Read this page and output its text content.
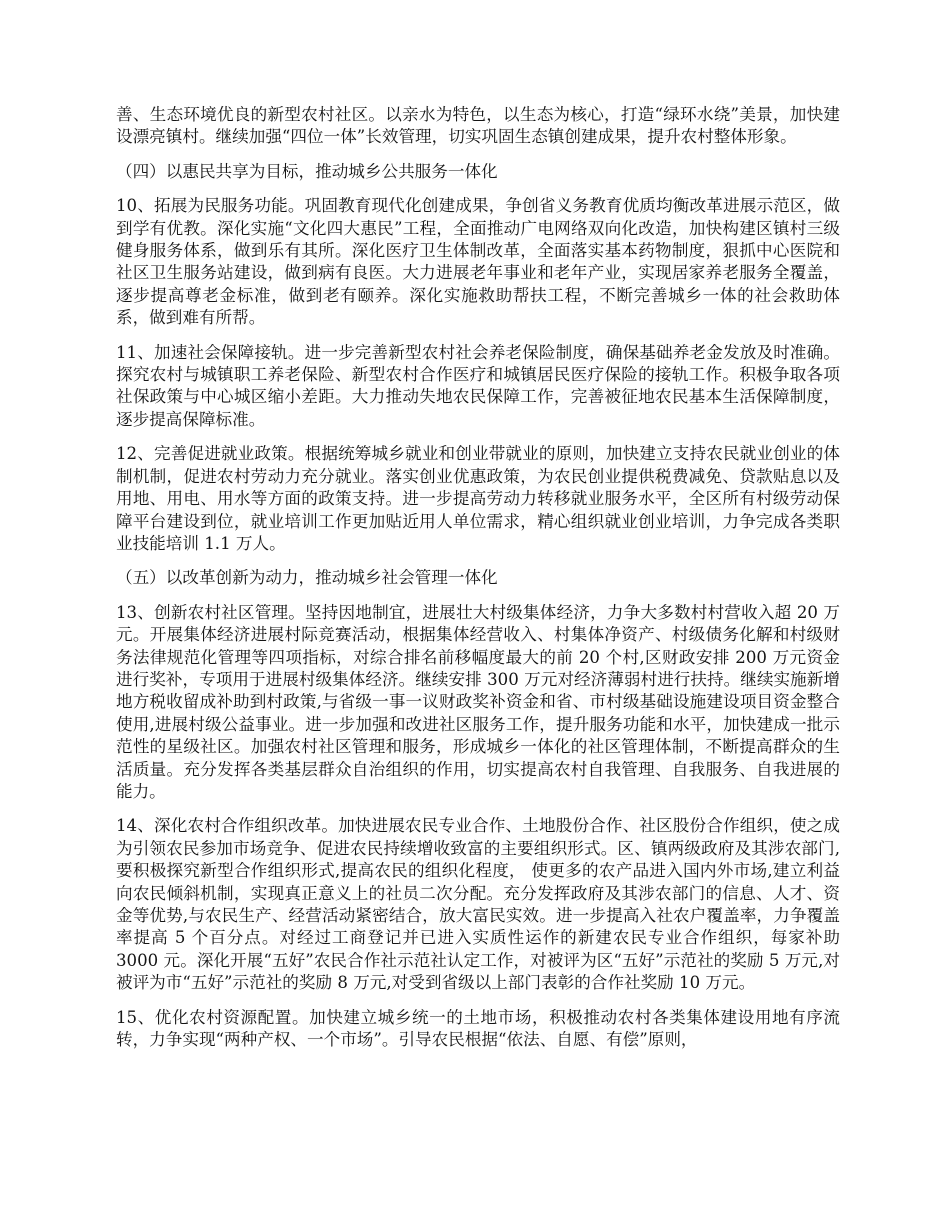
善、生态环境优良的新型农村社区。以亲水为特色，以生态为核心，打造“绿环水绕”美景，加快建设漂亮镇村。继续加强“四位一体”长效管理，切实巩固生态镇创建成果，提升农村整体形象。

（四）以惠民共享为目标，推动城乡公共服务一体化

10、拓展为民服务功能。巩固教育现代化创建成果，争创省义务教育优质均衡改革进展示范区，做到学有优教。深化实施“文化四大惠民”工程，全面推动广电网络双向化改造，加快构建区镇村三级健身服务体系，做到乐有其所。深化医疗卫生体制改革，全面落实基本药物制度，狠抓中心医院和社区卫生服务站建设，做到病有良医。大力进展老年事业和老年产业，实现居家养老服务全覆盖，逐步提高尊老金标准，做到老有颐养。深化实施救助帮扶工程，不断完善城乡一体的社会救助体系，做到难有所帮。

11、加速社会保障接轨。进一步完善新型农村社会养老保险制度，确保基础养老金发放及时准确。探究农村与城镇职工养老保险、新型农村合作医疗和城镇居民医疗保险的接轨工作。积极争取各项社保政策与中心城区缩小差距。大力推动失地农民保障工作，完善被征地农民基本生活保障制度，逐步提高保障标准。

12、完善促进就业政策。根据统筹城乡就业和创业带就业的原则，加快建立支持农民就业创业的体制机制，促进农村劳动力充分就业。落实创业优惠政策，为农民创业提供税费减免、贷款贴息以及用地、用电、用水等方面的政策支持。进一步提高劳动力转移就业服务水平，全区所有村级劳动保障平台建设到位，就业培训工作更加贴近用人单位需求，精心组织就业创业培训，力争完成各类职业技能培训 1.1 万人。

（五）以改革创新为动力，推动城乡社会管理一体化

13、创新农村社区管理。坚持因地制宜，进展壮大村级集体经济，力争大多数村村营收入超 20 万元。开展集体经济进展村际竞赛活动，根据集体经营收入、村集体净资产、村级债务化解和村级财务法律规范化管理等四项指标，对综合排名前移幅度最大的前 20 个村,区财政安排 200 万元资金进行奖补，专项用于进展村级集体经济。继续安排 300 万元对经济薄弱村进行扶持。继续实施新增地方税收留成补助到村政策,与省级一事一议财政奖补资金和省、市村级基础设施建设项目资金整合使用,进展村级公益事业。进一步加强和改进社区服务工作，提升服务功能和水平，加快建成一批示范性的星级社区。加强农村社区管理和服务，形成城乡一体化的社区管理体制，不断提高群众的生活质量。充分发挥各类基层群众自治组织的作用，切实提高农村自我管理、自我服务、自我进展的能力。

14、深化农村合作组织改革。加快进展农民专业合作、土地股份合作、社区股份合作组织，使之成为引领农民参加市场竞争、促进农民持续增收致富的主要组织形式。区、镇两级政府及其涉农部门,要积极探究新型合作组织形式,提高农民的组织化程度， 使更多的农产品进入国内外市场,建立利益向农民倾斜机制，实现真正意义上的社员二次分配。充分发挥政府及其涉农部门的信息、人才、资金等优势,与农民生产、经营活动紧密结合，放大富民实效。进一步提高入社农户覆盖率，力争覆盖率提高 5 个百分点。对经过工商登记并已进入实质性运作的新建农民专业合作组织，每家补助 3000 元。深化开展“五好”农民合作社示范社认定工作，对被评为区“五好”示范社的奖励 5 万元,对被评为市“五好”示范社的奖励 8 万元,对受到省级以上部门表彰的合作社奖励 10 万元。

15、优化农村资源配置。加快建立城乡统一的土地市场，积极推动农村各类集体建设用地有序流转，力争实现“两种产权、一个市场”。引导农民根据“依法、自愿、有偿”原则，
